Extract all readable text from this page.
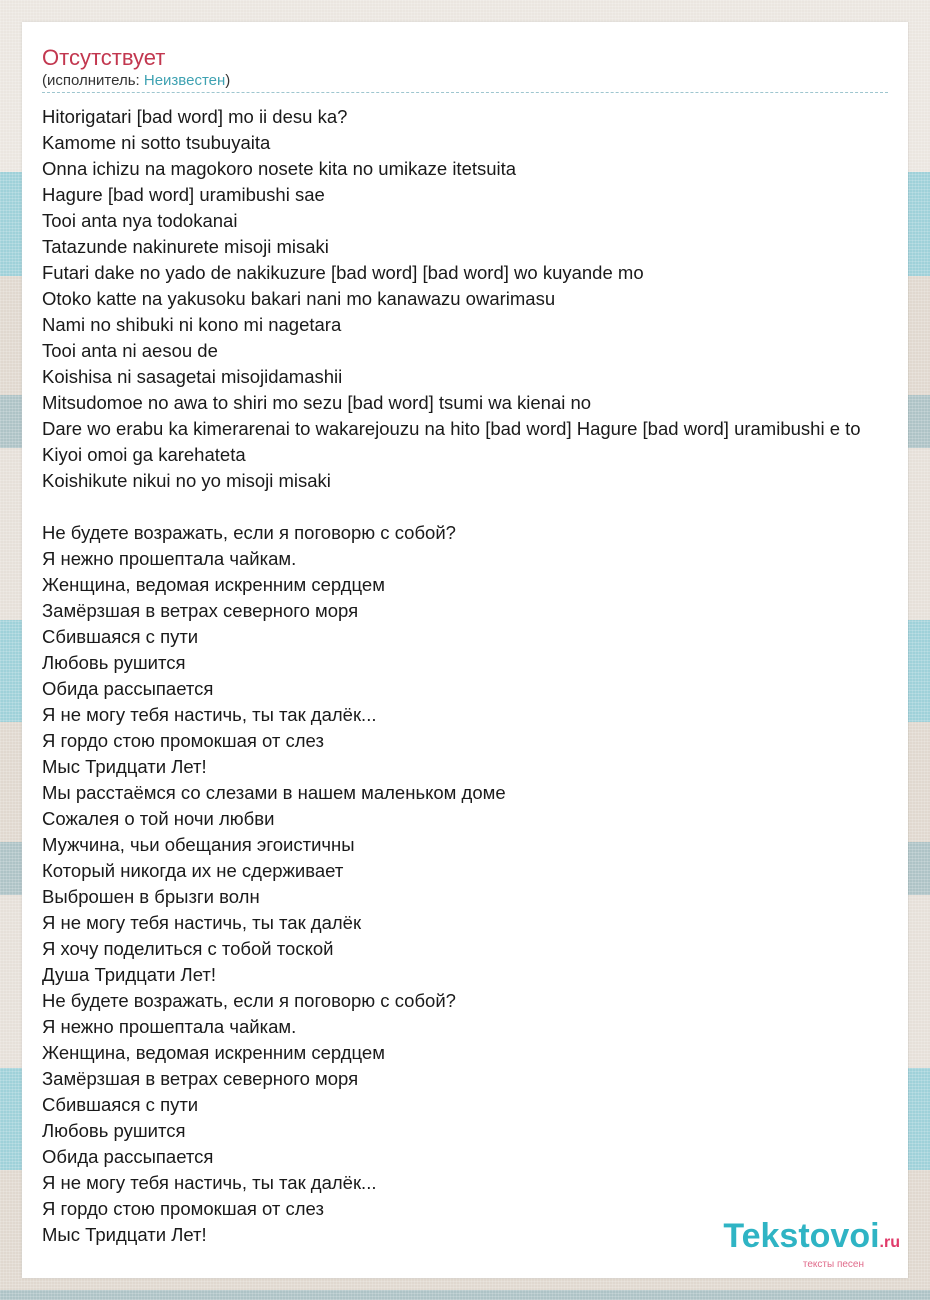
Отсутствует
(исполнитель: Неизвестен)
Hitorigatari [bad word] mo ii desu ka?
Kamome ni sotto tsubuyaita
Onna ichizu na magokoro nosete kita no umikaze itetsuita
Hagure [bad word] uramibushi sae
Tooi anta nya todokanai
Tatazunde nakinurete misoji misaki
Futari dake no yado de nakikuzure [bad word] [bad word] wo kuyande mo
Otoko katte na yakusoku bakari nani mo kanawazu owarimasu
Nami no shibuki ni kono mi nagetara
Tooi anta ni aesou de
Koishisa ni sasagetai misojidamashii
Mitsudomoe no awa to shiri mo sezu [bad word] tsumi wa kienai no
Dare wo erabu ka kimerarenai to wakarejouzu na hito [bad word] Hagure [bad word] uramibushi e to
Kiyoi omoi ga karehateta
Koishikute nikui no yo misoji misaki
Не будете возражать, если я поговорю с собой?
Я нежно прошептала чайкам.
Женщина, ведомая искренним сердцем
Замёрзшая в ветрах северного моря
Сбившаяся с пути
Любовь рушится
Обида рассыпается
Я не могу тебя настичь, ты так далёк...
Я гордо стою промокшая от слез
Мыс Тридцати Лет!
Мы расстаёмся со слезами в нашем маленьком доме
Сожалея о той ночи любви
Мужчина, чьи обещания эгоистичны
Который никогда их не сдерживает
Выброшен в брызги волн
Я не могу тебя настичь, ты так далёк
Я хочу поделиться с тобой тоской
Душа Тридцати Лет!
Не будете возражать, если я поговорю с собой?
Я нежно прошептала чайкам.
Женщина, ведомая искренним сердцем
Замёрзшая в ветрах северного моря
Сбившаяся с пути
Любовь рушится
Обида рассыпается
Я не могу тебя настичь, ты так далёк...
Я гордо стою промокшая от слез
Мыс Тридцати Лет!	Tekstovoi.ru
тексты песен
